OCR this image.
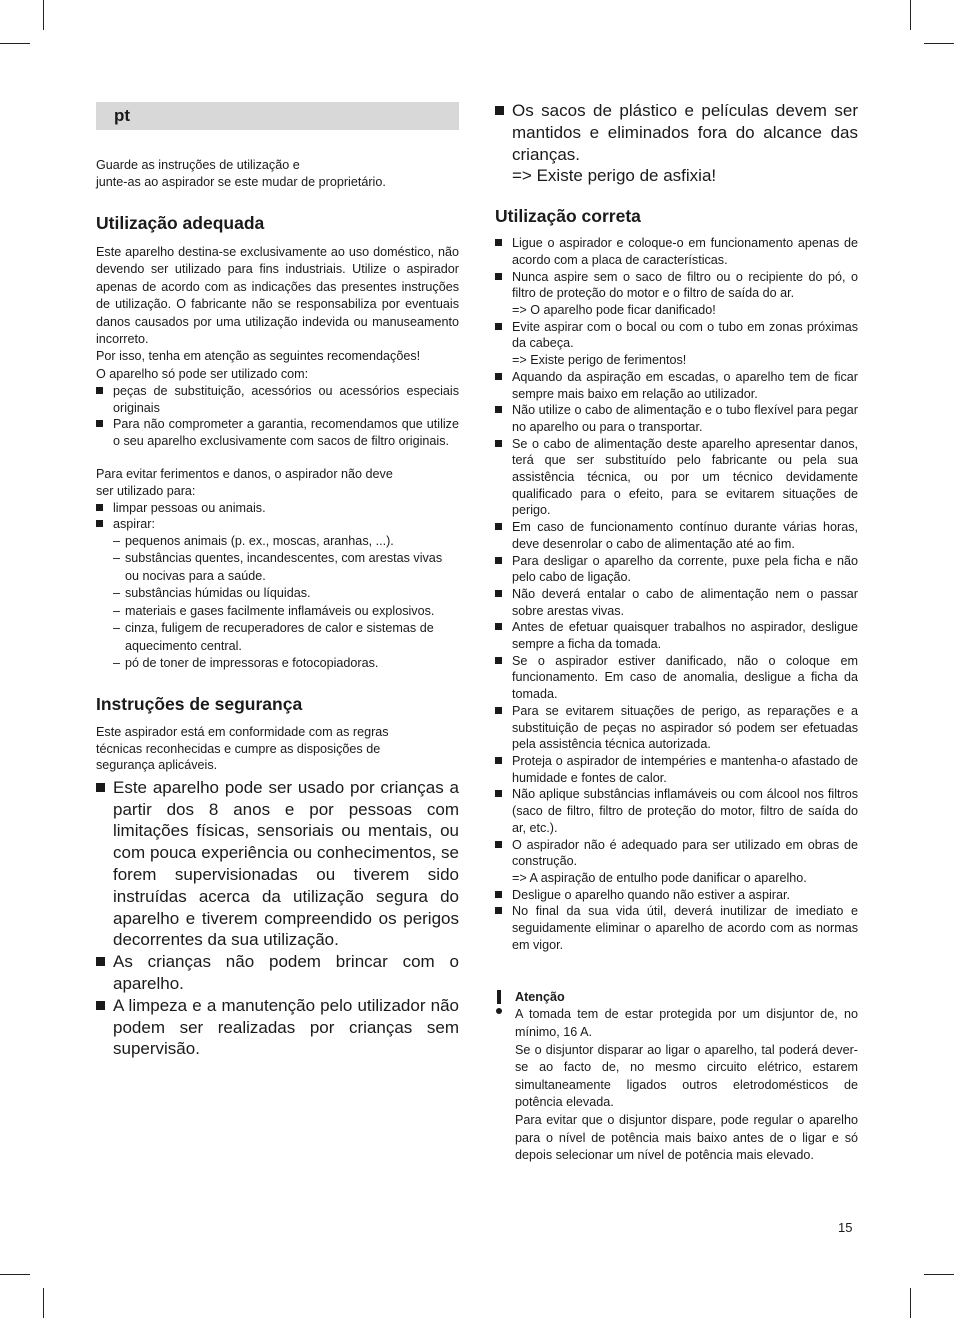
pt
Guarde as instruções de utilização e
junte-as ao aspirador se este mudar de proprietário.
Utilização adequada

Este aparelho destina-se exclusivamente ao uso doméstico, não devendo ser utilizado para fins industriais. Utilize o aspirador apenas de acordo com as indicações das presentes instruções de utilização. O fabricante não se responsabiliza por eventuais danos causados por uma utilização indevida ou manuseamento incorreto.

Por isso, tenha em atenção as seguintes recomendações!

O aparelho só pode ser utilizado com:

peças de substituição, acessórios ou acessórios especiais originais
Para não comprometer a garantia, recomendamos que utilize o seu aparelho exclusivamente com sacos de filtro originais.
Para evitar ferimentos e danos, o aspirador não deve
ser utilizado para:
limpar pessoas ou animais.
aspirar:
– pequenos animais (p. ex., moscas, aranhas, ...).
– substâncias quentes, incandescentes, com arestas vivas ou nocivas para a saúde.
– substâncias húmidas ou líquidas.
– materiais e gases facilmente inflamáveis ou explosivos.
– cinza, fuligem de recuperadores de calor e sistemas de aquecimento central.
– pó de toner de impressoras e fotocopiadoras.
Instruções de segurança
Este aspirador está em conformidade com as regras
técnicas reconhecidas e cumpre as disposições de
segurança aplicáveis.
Este aparelho pode ser usado por crianças a partir dos 8 anos e por pessoas com limitações físicas, sensoriais ou mentais, ou com pouca experiência ou conhecimentos, se forem supervisionadas ou tiverem sido instruídas acerca da utilização segura do aparelho e tiverem compreendido os perigos decorrentes da sua utilização.
As crianças não podem brincar com o aparelho.
A limpeza e a manutenção pelo utilizador não podem ser realizadas por crianças sem supervisão.
Os sacos de plástico e películas devem ser mantidos e eliminados fora do alcance das crianças.
=> Existe perigo de asfixia!
Utilização correta
Ligue o aspirador e coloque-o em funcionamento apenas de acordo com a placa de características.
Nunca aspire sem o saco de filtro ou o recipiente do pó, o filtro de proteção do motor e o filtro de saída do ar.
=> O aparelho pode ficar danificado!
Evite aspirar com o bocal ou com o tubo em zonas próximas da cabeça.
=> Existe perigo de ferimentos!
Aquando da aspiração em escadas, o aparelho tem de ficar sempre mais baixo em relação ao utilizador.
Não utilize o cabo de alimentação e o tubo flexível para pegar no aparelho ou para o transportar.
Se o cabo de alimentação deste aparelho apresentar danos, terá que ser substituído pelo fabricante ou pela sua assistência técnica, ou por um técnico devidamente qualificado para o efeito, para se evitarem situações de perigo.
Em caso de funcionamento contínuo durante várias horas, deve desenrolar o cabo de alimentação até ao fim.
Para desligar o aparelho da corrente, puxe pela ficha e não pelo cabo de ligação.
Não deverá entalar o cabo de alimentação nem o passar sobre arestas vivas.
Antes de efetuar quaisquer trabalhos no aspirador, desligue sempre a ficha da tomada.
Se o aspirador estiver danificado, não o coloque em funcionamento. Em caso de anomalia, desligue a ficha da tomada.
Para se evitarem situações de perigo, as reparações e a substituição de peças no aspirador só podem ser efetuadas pela assistência técnica autorizada.
Proteja o aspirador de intempéries e mantenha-o afastado de humidade e fontes de calor.
Não aplique substâncias inflamáveis ou com álcool nos filtros (saco de filtro, filtro de proteção do motor, filtro de saída do ar, etc.).
O aspirador não é adequado para ser utilizado em obras de construção.
=> A aspiração de entulho pode danificar o aparelho.
Desligue o aparelho quando não estiver a aspirar.
No final da sua vida útil, deverá inutilizar de imediato e seguidamente eliminar o aparelho de acordo com as normas em vigor.
Atenção

A tomada tem de estar protegida por um disjuntor de, no mínimo, 16 A.

Se o disjuntor disparar ao ligar o aparelho, tal poderá dever-se ao facto de, no mesmo circuito elétrico, estarem simultaneamente ligados outros eletrodomésticos de potência elevada.

Para evitar que o disjuntor dispare, pode regular o aparelho para o nível de potência mais baixo antes de o ligar e só depois selecionar um nível de potência mais elevado.

15
